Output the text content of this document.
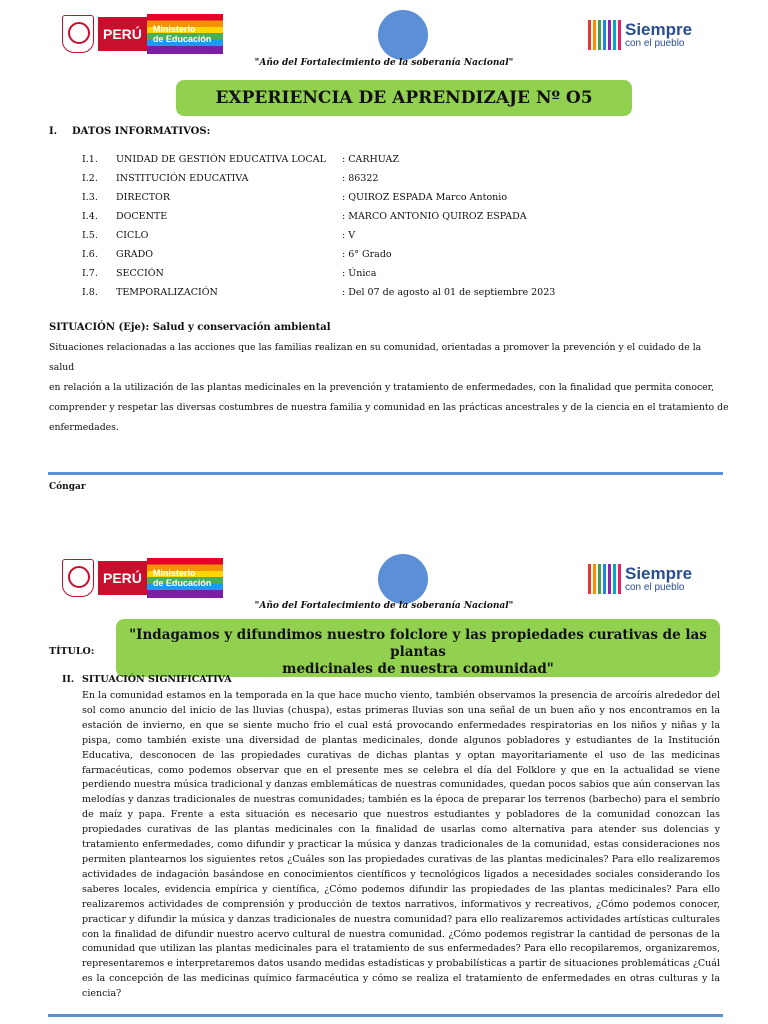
PERÚ	Ministerio
de Educación	Siempre
con el pueblo
"Año del Fortalecimiento de la soberanía Nacional"
EXPERIENCIA DE APRENDIZAJE Nº O5
I. DATOS INFORMATIVOS:
I.1.	UNIDAD DE GESTIÓN EDUCATIVA LOCAL	: CARHUAZ
I.2.	INSTITUCIÓN EDUCATIVA	: 86322
I.3.	DIRECTOR	: QUIROZ ESPADA Marco Antonio
I.4.	DOCENTE	: MARCO ANTONIO QUIROZ ESPADA
I.5.	CICLO	: V
I.6.	GRADO	: 6° Grado
I.7.	SECCIÓN	: Única
I.8.	TEMPORALIZACIÓN	: Del 07 de agosto al 01 de septiembre 2023
SITUACIÓN (Eje): Salud y conservación ambiental
Situaciones relacionadas a las acciones que las familias realizan en su comunidad, orientadas a promover la prevención y el cuidado de la salud
en relación a la utilización de las plantas medicinales en la prevención y tratamiento de enfermedades, con la finalidad que permita conocer,
comprender y respetar las diversas costumbres de nuestra familia y comunidad en las prácticas ancestrales y de la ciencia en el tratamiento de
enfermedades.
Cóngar
PERÚ	Ministerio
de Educación	Siempre
con el pueblo
"Año del Fortalecimiento de la soberanía Nacional"
TÍTULO:
"Indagamos y difundimos nuestro folclore y las propiedades curativas de las plantas
medicinales de nuestra comunidad"
II. SITUACIÓN SIGNIFICATIVA
En la comunidad estamos en la temporada en la que hace mucho viento, también observamos la presencia de arcoíris alrededor del sol como anuncio del inicio de las lluvias (chuspa), estas primeras lluvias son una señal de un buen año y nos encontramos en la estación de invierno, en que se siente mucho frio el cual está provocando enfermedades respiratorias en los niños y niñas y la pispa, como también existe una diversidad de plantas medicinales, donde algunos pobladores y estudiantes de la Institución Educativa, desconocen de las propiedades curativas de dichas plantas y optan mayoritariamente el uso de las medicinas farmacéuticas, como podemos observar que en el presente mes se celebra el día del Folklore y que en la actualidad se viene perdiendo nuestra música tradicional y danzas emblemáticas de nuestras comunidades, quedan pocos sabios que aún conservan las melodías y danzas tradicionales de nuestras comunidades; también es la época de preparar los terrenos (barbecho) para el sembrío de maíz y papa. Frente a esta situación es necesario que nuestros estudiantes y pobladores de la comunidad conozcan las propiedades curativas de las plantas medicinales con la finalidad de usarlas como alternativa para atender sus dolencias y tratamiento enfermedades, como difundir y practicar la música y danzas tradicionales de la comunidad, estas consideraciones nos permiten plantearnos los siguientes retos ¿Cuáles son las propiedades curativas de las plantas medicinales? Para ello realizaremos actividades de indagación basándose en conocimientos científicos y tecnológicos ligados a necesidades sociales considerando los saberes locales, evidencia empírica y científica, ¿Cómo podemos difundir las propiedades de las plantas medicinales? Para ello realizaremos actividades de comprensión y producción de textos narrativos, informativos y recreativos, ¿Cómo podemos conocer, practicar y difundir la música y danzas tradicionales de nuestra comunidad? para ello realizaremos actividades artísticas culturales con la finalidad de difundir nuestro acervo cultural de nuestra comunidad. ¿Cómo podemos registrar la cantidad de personas de la comunidad que utilizan las plantas medicinales para el tratamiento de sus enfermedades? Para ello recopilaremos, organizaremos, representaremos e interpretaremos datos usando medidas estadísticas y probabilísticas a partir de situaciones problemáticas ¿Cuál es la concepción de las medicinas químico farmacéutica y cómo se realiza el tratamiento de enfermedades en otras culturas y la ciencia?
